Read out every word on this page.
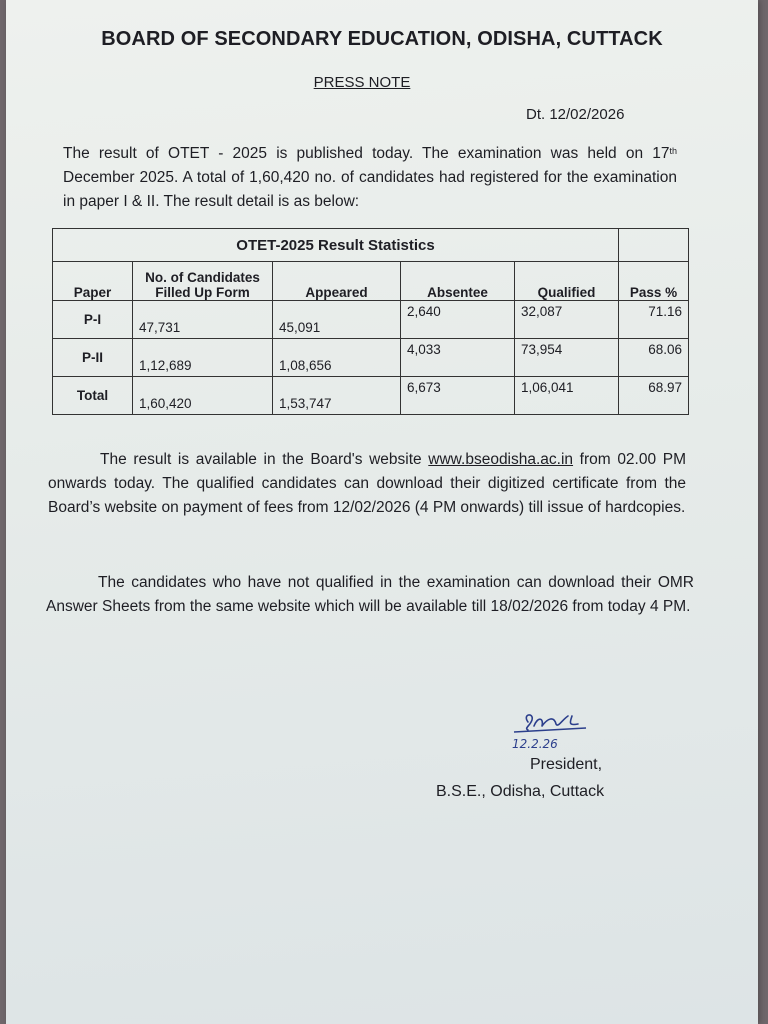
BOARD OF SECONDARY EDUCATION, ODISHA, CUTTACK
PRESS NOTE
Dt. 12/02/2026

The result of OTET - 2025 is published today. The examination was held on 17th December 2025. A total of 1,60,420 no. of candidates had registered for the examination in paper I & II. The result detail is as below:

OTET-2025 Result Statistics					
Paper	No. of Candidates Filled Up Form	Appeared	Absentee	Qualified	Pass %
P-I	47,731	45,091	2,640	32,087	71.16
P-II	1,12,689	1,08,656	4,033	73,954	68.06
Total	1,60,420	1,53,747	6,673	1,06,041	68.97

The result is available in the Board's website www.bseodisha.ac.in from 02.00 PM onwards today. The qualified candidates can download their digitized certificate from the Board’s website on payment of fees from 12/02/2026 (4 PM onwards) till issue of hardcopies.

The candidates who have not qualified in the examination can download their OMR Answer Sheets from the same website which will be available till 18/02/2026 from today 4 PM.

12.2.26
President,
B.S.E., Odisha, Cuttack
